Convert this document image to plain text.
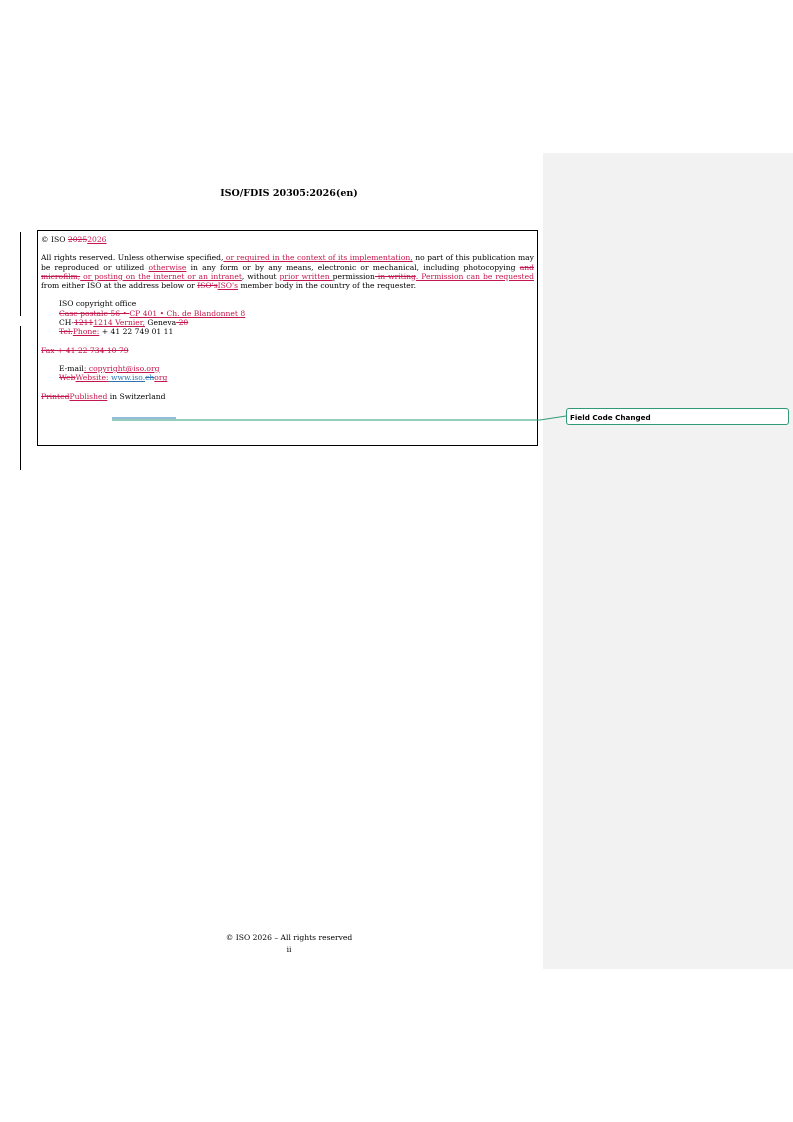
ISO/FDIS 20305:2026(en)

© ISO 20252026

All rights reserved. Unless otherwise specified, or required in the context of its implementation, no part of this publication may be reproduced or utilized otherwise in any form or by any means, electronic or mechanical, including photocopying and microfilm, or posting on the internet or an intranet, without prior written permission in writing. Permission can be requested from either ISO at the address below or ISO'sISO's member body in the country of the requester.

ISO copyright office

Case postale 56 • CP 401 • Ch. de Blandonnet 8

CH-12111214 Vernier, Geneva 20

Tel.Phone: + 41 22 749 01 11

Fax + 41 22 734 10 79

E-mail: copyright@iso.org

WebWebsite: www.iso.chorg

PrintedPublished in Switzerland

Field Code Changed
© ISO 2026 – All rights reserved
ii
